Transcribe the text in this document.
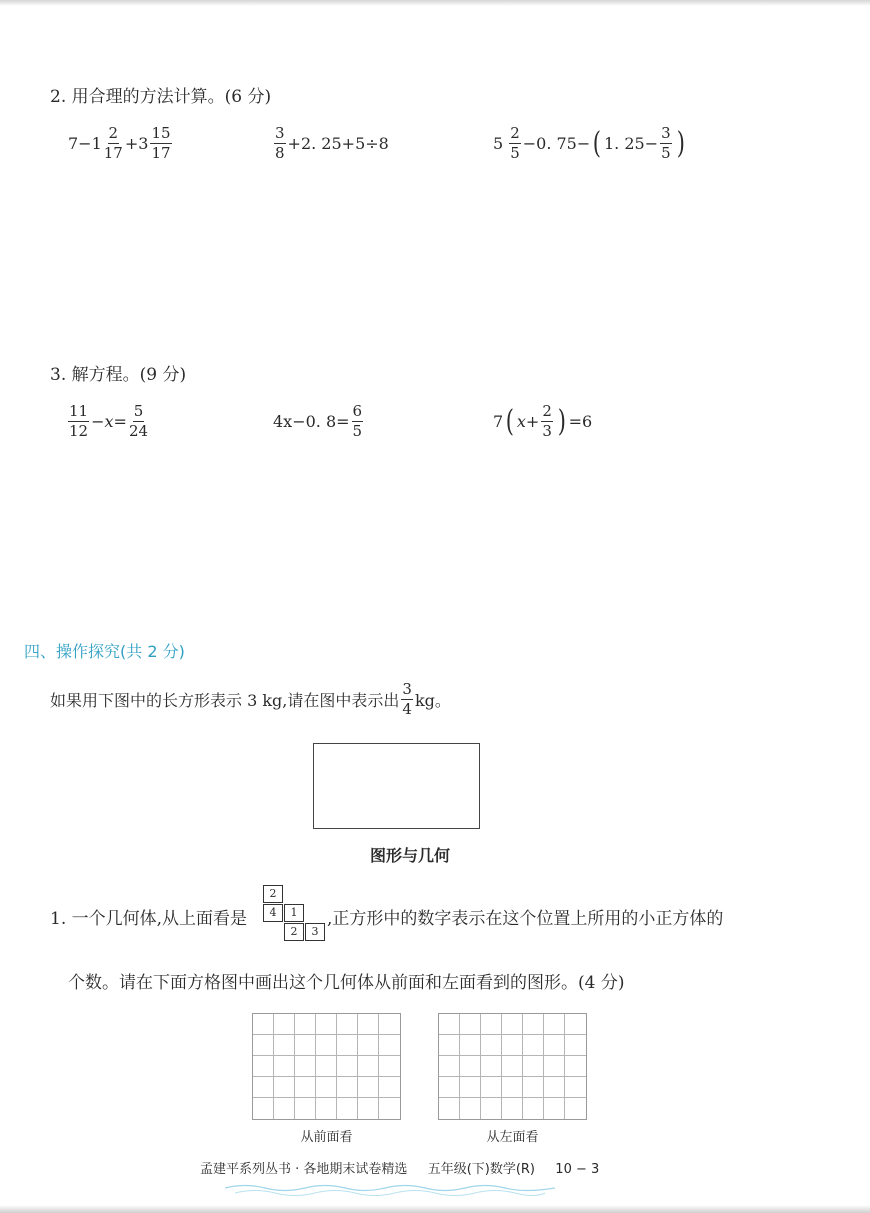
2. 用合理的方法计算。(6 分)
$7-1 \frac{2}{17} +3 \frac{15}{17}$	$\frac{3}{8} +2$. 25+5÷8	$5 \frac{2}{5} -0$. 75− ( 1. $25- \frac{3}{5}$ )
3. 解方程。(9 分)
$\frac{11}{12} -x= \frac{5}{24}$	4x−0. $8= \frac{6}{5}$	7 ( $x+ \frac{2}{3}$ ) =6
四、操作探究(共 2 分)
如果用下图中的长方形表示 3 kg,请在图中表示出 $\frac{3}{4}$ kg。
图形与几何
1. 一个几何体,从上面看是
2
4	1
2	3
,正方形中的数字表示在这个位置上所用的小正方体的
个数。请在下面方格图中画出这个几何体从前面和左面看到的图形。(4 分)
从前面看	从左面看
孟建平系列丛书 · 各地期末试卷精选 五年级(下)数学(R) 10 − 3
